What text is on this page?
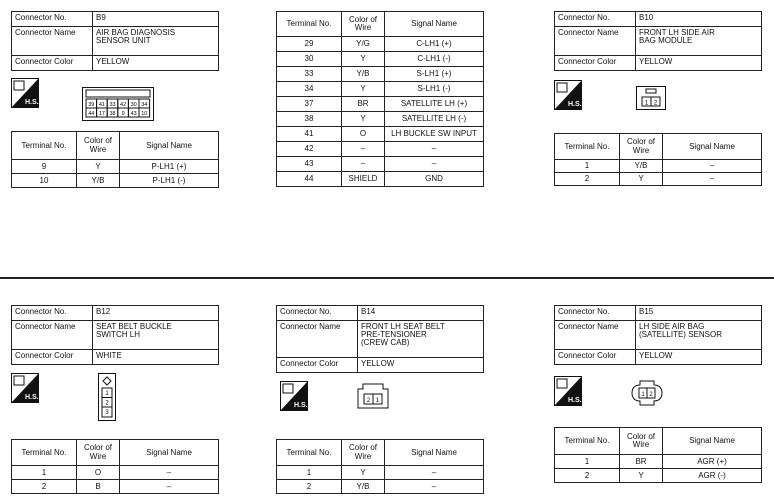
Connector No.	B9
Connector Name	AIR BAG DIAGNOSIS
SENSOR UNIT

Connector Color	YELLOW
H.S.	39 41 33 42 30 34
44 17 38 9 43 10
Terminal No.	Color of
Wire	Signal Name
9	Y	P-LH1 (+)
10	Y/B	P-LH1 (-)
Terminal No.	Color of
Wire	Signal Name
29	Y/G	C-LH1 (+)
30	Y	C-LH1 (-)
33	Y/B	S-LH1 (+)
34	Y	S-LH1 (-)
37	BR	SATELLITE LH (+)
38	Y	SATELLITE LH (-)
41	O	LH BUCKLE SW INPUT
42	–	–
43	–	–
44	SHIELD	GND
Connector No.	B10
Connector Name	FRONT LH SIDE AIR
BAG MODULE

Connector Color	YELLOW
H.S.	1 2
Terminal No.	Color of
Wire	Signal Name
1	Y/B	–
2	Y	–
Connector No.	B12
Connector Name	SEAT BELT BUCKLE
SWITCH LH

Connector Color	WHITE
H.S.	1
2
3
Terminal No.	Color of
Wire	Signal Name
1	O	–
2	B	–
Connector No.	B14
Connector Name	FRONT LH SEAT BELT
PRE-TENSIONER
(CREW CAB)

Connector Color	YELLOW
H.S.
2 1
Terminal No.	Color of
Wire	Signal Name
1	Y	–
2	Y/B	–
Connector No.	B15
Connector Name	LH SIDE AIR BAG
(SATELLITE) SENSOR

Connector Color	YELLOW
H.S.
1 2
Terminal No.	Color of
Wire	Signal Name
1	BR	AGR (+)
2	Y	AGR (-)
